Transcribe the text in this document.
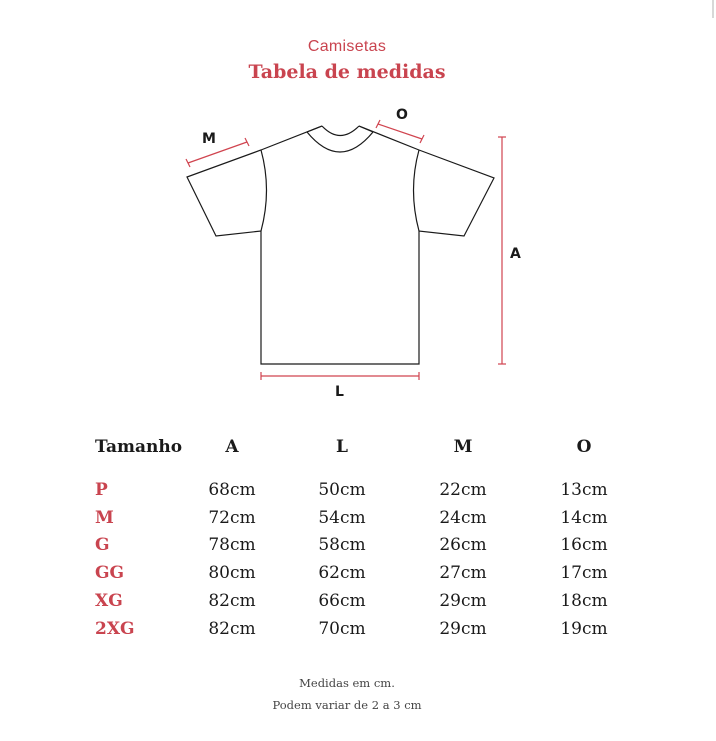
Camisetas
Tabela de medidas
M
O
A
L
Tamanho	A	L	M	O

P	68cm	50cm	22cm	13cm
M	72cm	54cm	24cm	14cm
G	78cm	58cm	26cm	16cm
GG	80cm	62cm	27cm	17cm
XG	82cm	66cm	29cm	18cm
2XG	82cm	70cm	29cm	19cm
Medidas em cm.
Podem variar de 2 a 3 cm
